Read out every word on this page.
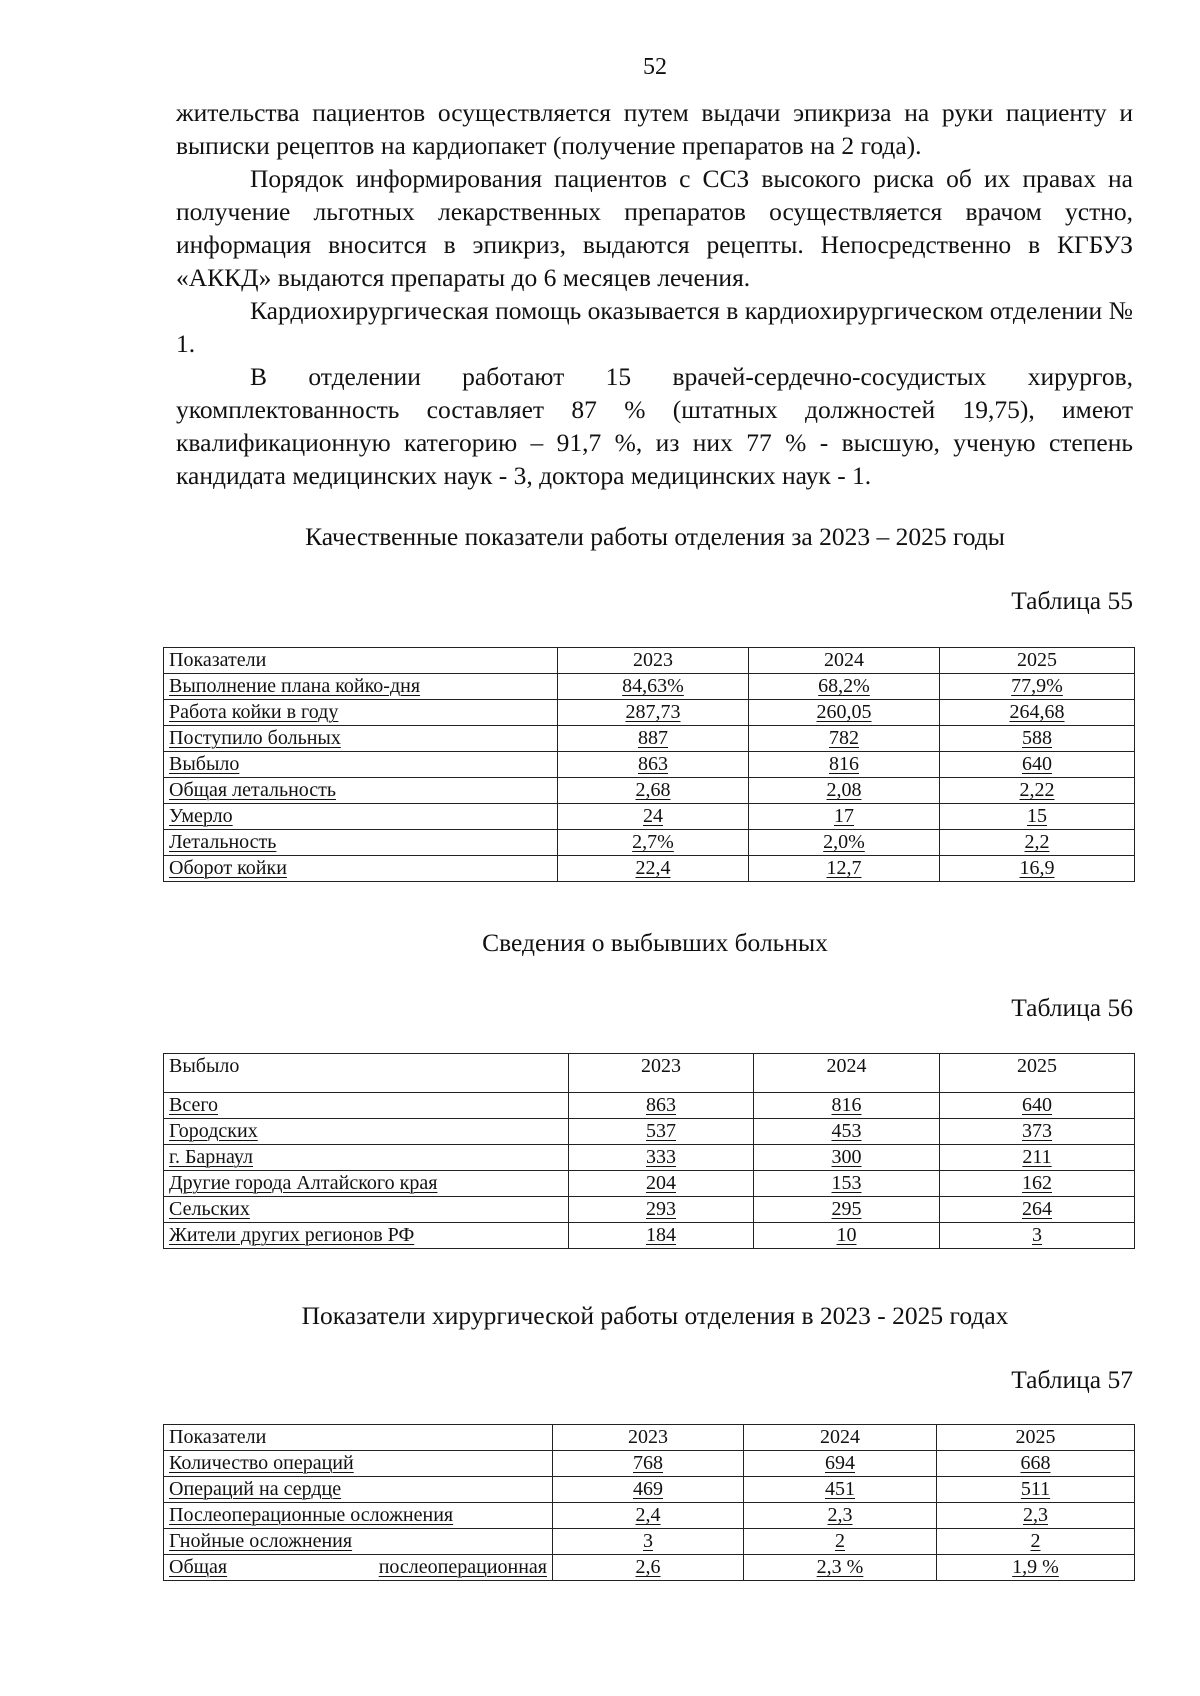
52

жительства пациентов осуществляется путем выдачи эпикриза на руки пациенту и выписки рецептов на кардиопакет (получение препаратов на 2 года).

Порядок информирования пациентов с ССЗ высокого риска об их правах на получение льготных лекарственных препаратов осуществляется врачом устно, информация вносится в эпикриз, выдаются рецепты. Непосредственно в КГБУЗ «АККД» выдаются препараты до 6 месяцев лечения.

Кардиохирургическая помощь оказывается в кардиохирургическом отделении № 1.

В отделении работают 15 врачей-сердечно-сосудистых хирургов, укомплектованность составляет 87 % (штатных должностей 19,75), имеют квалификационную категорию – 91,7 %, из них 77 % - высшую, ученую степень кандидата медицинских наук - 3, доктора медицинских наук - 1.

Качественные показатели работы отделения за 2023 – 2025 годы
Таблица 55
Показатели	2023	2024	2025
Выполнение плана койко-дня	84,63%	68,2%	77,9%
Работа койки в году	287,73	260,05	264,68
Поступило больных	887	782	588
Выбыло	863	816	640
Общая летальность	2,68	2,08	2,22
Умерло	24	17	15
Летальность	2,7%	2,0%	2,2
Оборот койки	22,4	12,7	16,9
Сведения о выбывших больных
Таблица 56
Выбыло	2023	2024	2025
Всего	863	816	640
Городских	537	453	373
г. Барнаул	333	300	211
Другие города Алтайского края	204	153	162
Сельских	293	295	264
Жители других регионов РФ	184	10	3
Показатели хирургической работы отделения в 2023 - 2025 годах
Таблица 57
Показатели	2023	2024	2025
Количество операций	768	694	668
Операций на сердце	469	451	511
Послеоперационные осложнения	2,4	2,3	2,3
Гнойные осложнения	3	2	2

Общая послеоперационная	2,6	2,3 %	1,9 %
